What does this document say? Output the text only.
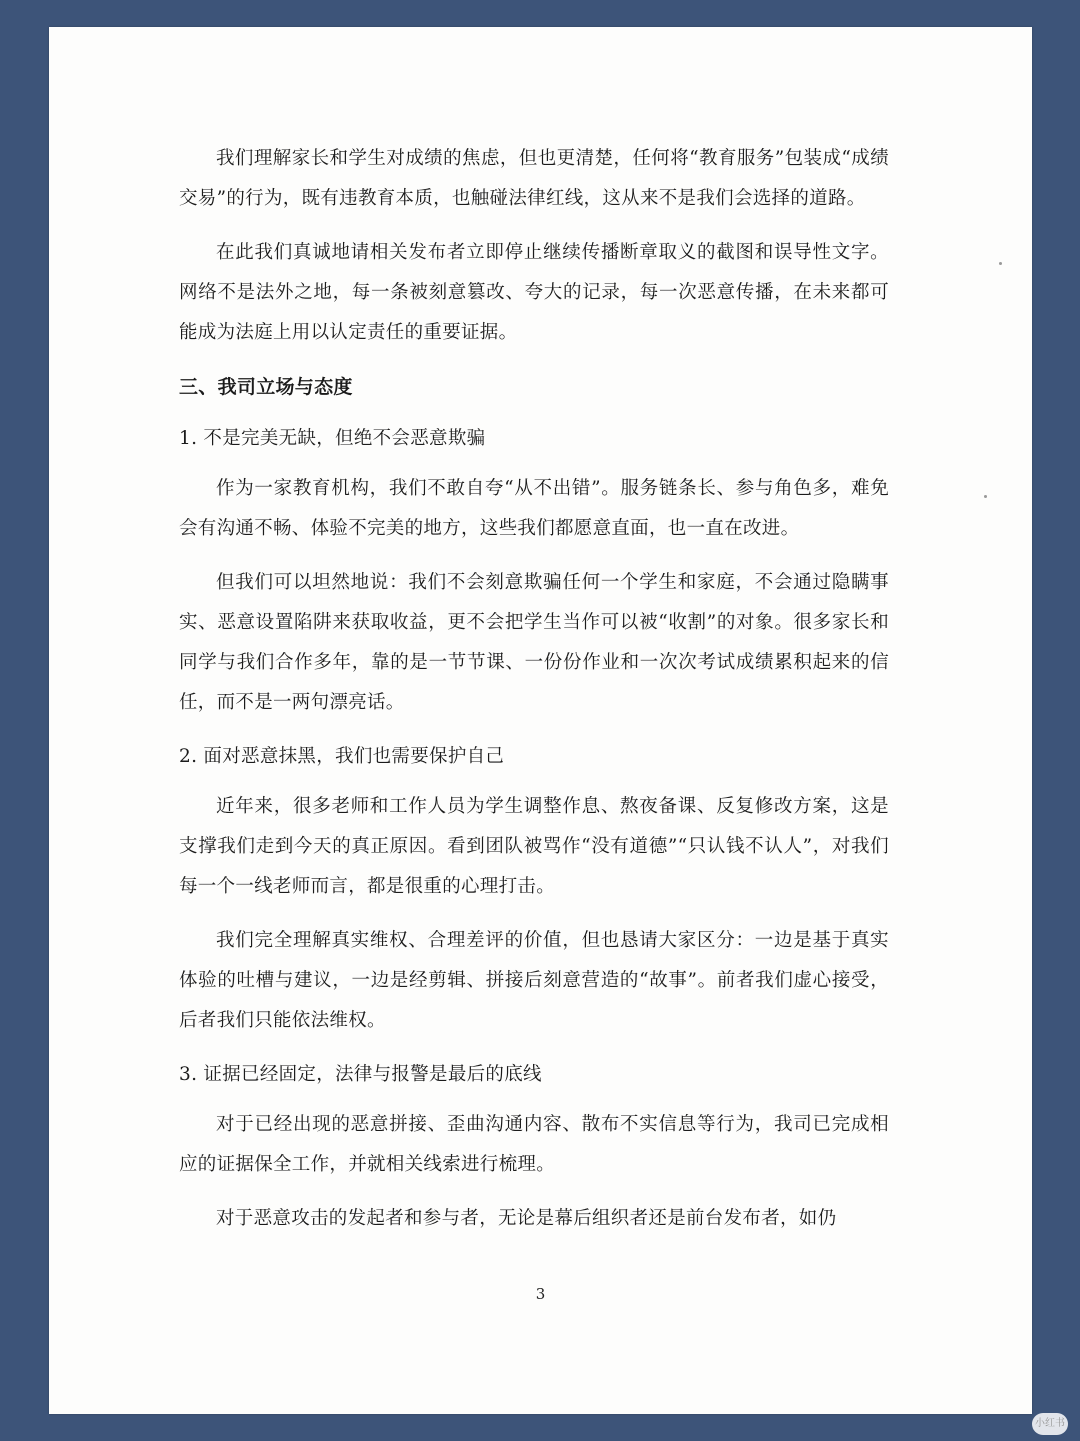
我们理解家长和学生对成绩的焦虑，但也更清楚，任何将“教育服务”包装成“成绩交易”的行为，既有违教育本质，也触碰法律红线，这从来不是我们会选择的道路。

在此我们真诚地请相关发布者立即停止继续传播断章取义的截图和误导性文字。网络不是法外之地，每一条被刻意篡改、夸大的记录，每一次恶意传播，在未来都可能成为法庭上用以认定责任的重要证据。

三、我司立场与态度

1. 不是完美无缺，但绝不会恶意欺骗

作为一家教育机构，我们不敢自夸“从不出错”。服务链条长、参与角色多，难免会有沟通不畅、体验不完美的地方，这些我们都愿意直面，也一直在改进。

但我们可以坦然地说：我们不会刻意欺骗任何一个学生和家庭，不会通过隐瞒事实、恶意设置陷阱来获取收益，更不会把学生当作可以被“收割”的对象。很多家长和同学与我们合作多年，靠的是一节节课、一份份作业和一次次考试成绩累积起来的信任，而不是一两句漂亮话。

2. 面对恶意抹黑，我们也需要保护自己

近年来，很多老师和工作人员为学生调整作息、熬夜备课、反复修改方案，这是支撑我们走到今天的真正原因。看到团队被骂作“没有道德”“只认钱不认人”，对我们每一个一线老师而言，都是很重的心理打击。

我们完全理解真实维权、合理差评的价值，但也恳请大家区分：一边是基于真实体验的吐槽与建议，一边是经剪辑、拼接后刻意营造的“故事”。前者我们虚心接受，后者我们只能依法维权。

3. 证据已经固定，法律与报警是最后的底线

对于已经出现的恶意拼接、歪曲沟通内容、散布不实信息等行为，我司已完成相应的证据保全工作，并就相关线索进行梳理。

对于恶意攻击的发起者和参与者，无论是幕后组织者还是前台发布者，如仍

3
小红书
